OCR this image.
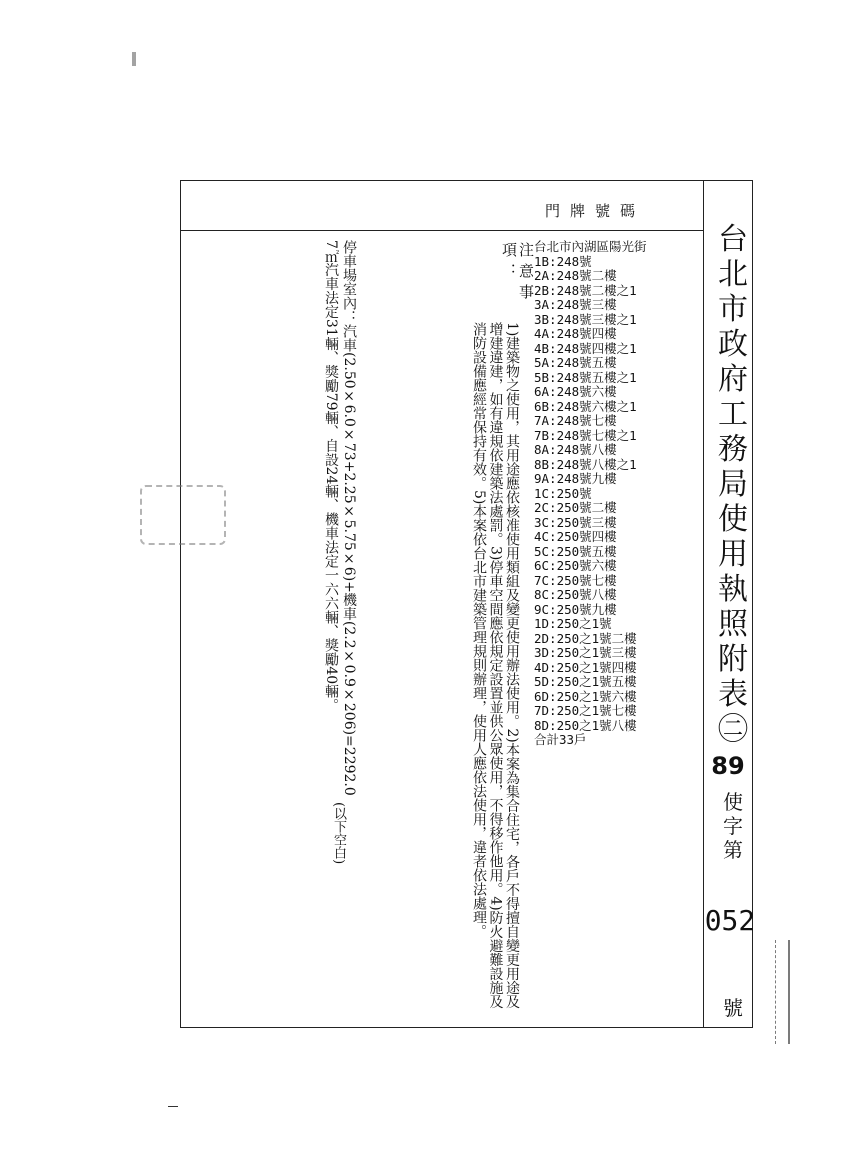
台北市政府工務局使用執照附表㊁
89
使字第
052
號
門牌號碼
台北市內湖區陽光街
1B:248號
2A:248號二樓
2B:248號二樓之1
3A:248號三樓
3B:248號三樓之1
4A:248號四樓
4B:248號四樓之1
5A:248號五樓
5B:248號五樓之1
6A:248號六樓
6B:248號六樓之1
7A:248號七樓
7B:248號七樓之1
8A:248號八樓
8B:248號八樓之1
9A:248號九樓
1C:250號
2C:250號二樓
3C:250號三樓
4C:250號四樓
5C:250號五樓
6C:250號六樓
7C:250號七樓
8C:250號八樓
9C:250號九樓
1D:250之1號
2D:250之1號二樓
3D:250之1號三樓
4D:250之1號四樓
5D:250之1號五樓
6D:250之1號六樓
7D:250之1號七樓
8D:250之1號八樓
合計33戶
注意事項：
1)建築物之使用，其用途應依核准使用類組及變更使用辦法使用。2)本案為集合住宅，各戶不得擅自變更用途及增建違建，如有違規依建築法處罰。3)停車空間應依規定設置並供公眾使用，不得移作他用。4)防火避難設施及消防設備應經常保持有效。5)本案依台北市建築管理規則辦理，使用人應依法使用，違者依法處理。
停車場室內：汽車(2.50×6.0×73+2.25×5.75×6)+機車(2.2×0.9×206)=2292.07㎡汽車法定31輛、獎勵79輛、自設24輛、機車法定一六六輛、獎勵40輛。
(以下空白)
